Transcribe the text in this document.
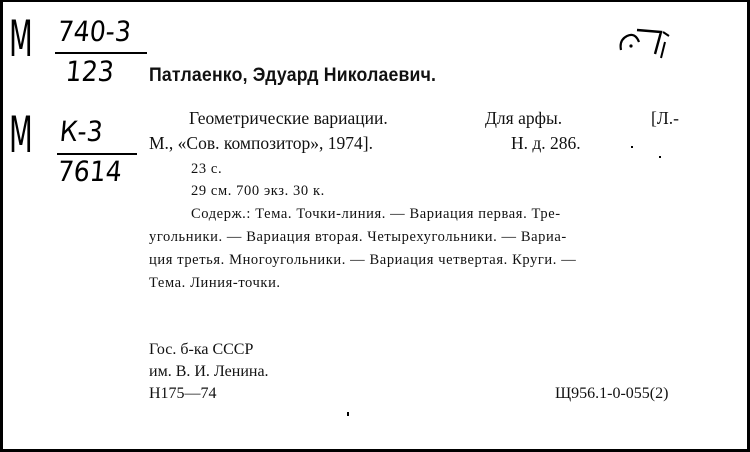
М 740-3
123
М К-3
7614
Патлаенко, Эдуард Николаевич.
Геометрические вариации.	Для арфы.	[Л.-
М., «Сов. композитор», 1974].	Н. д. 286.
23 с.
29 см. 700 экз. 30 к.
Содерж.: Тема. Точки-линия. — Вариация первая. Тре-
угольники. — Вариация вторая. Четырехугольники. — Вариа-
ция третья. Многоугольники. — Вариация четвертая. Круги. —
Тема. Линия-точки.
Гос. б-ка СССР
им. В. И. Ленина.
Н175—74	Щ956.1-0-055(2)
